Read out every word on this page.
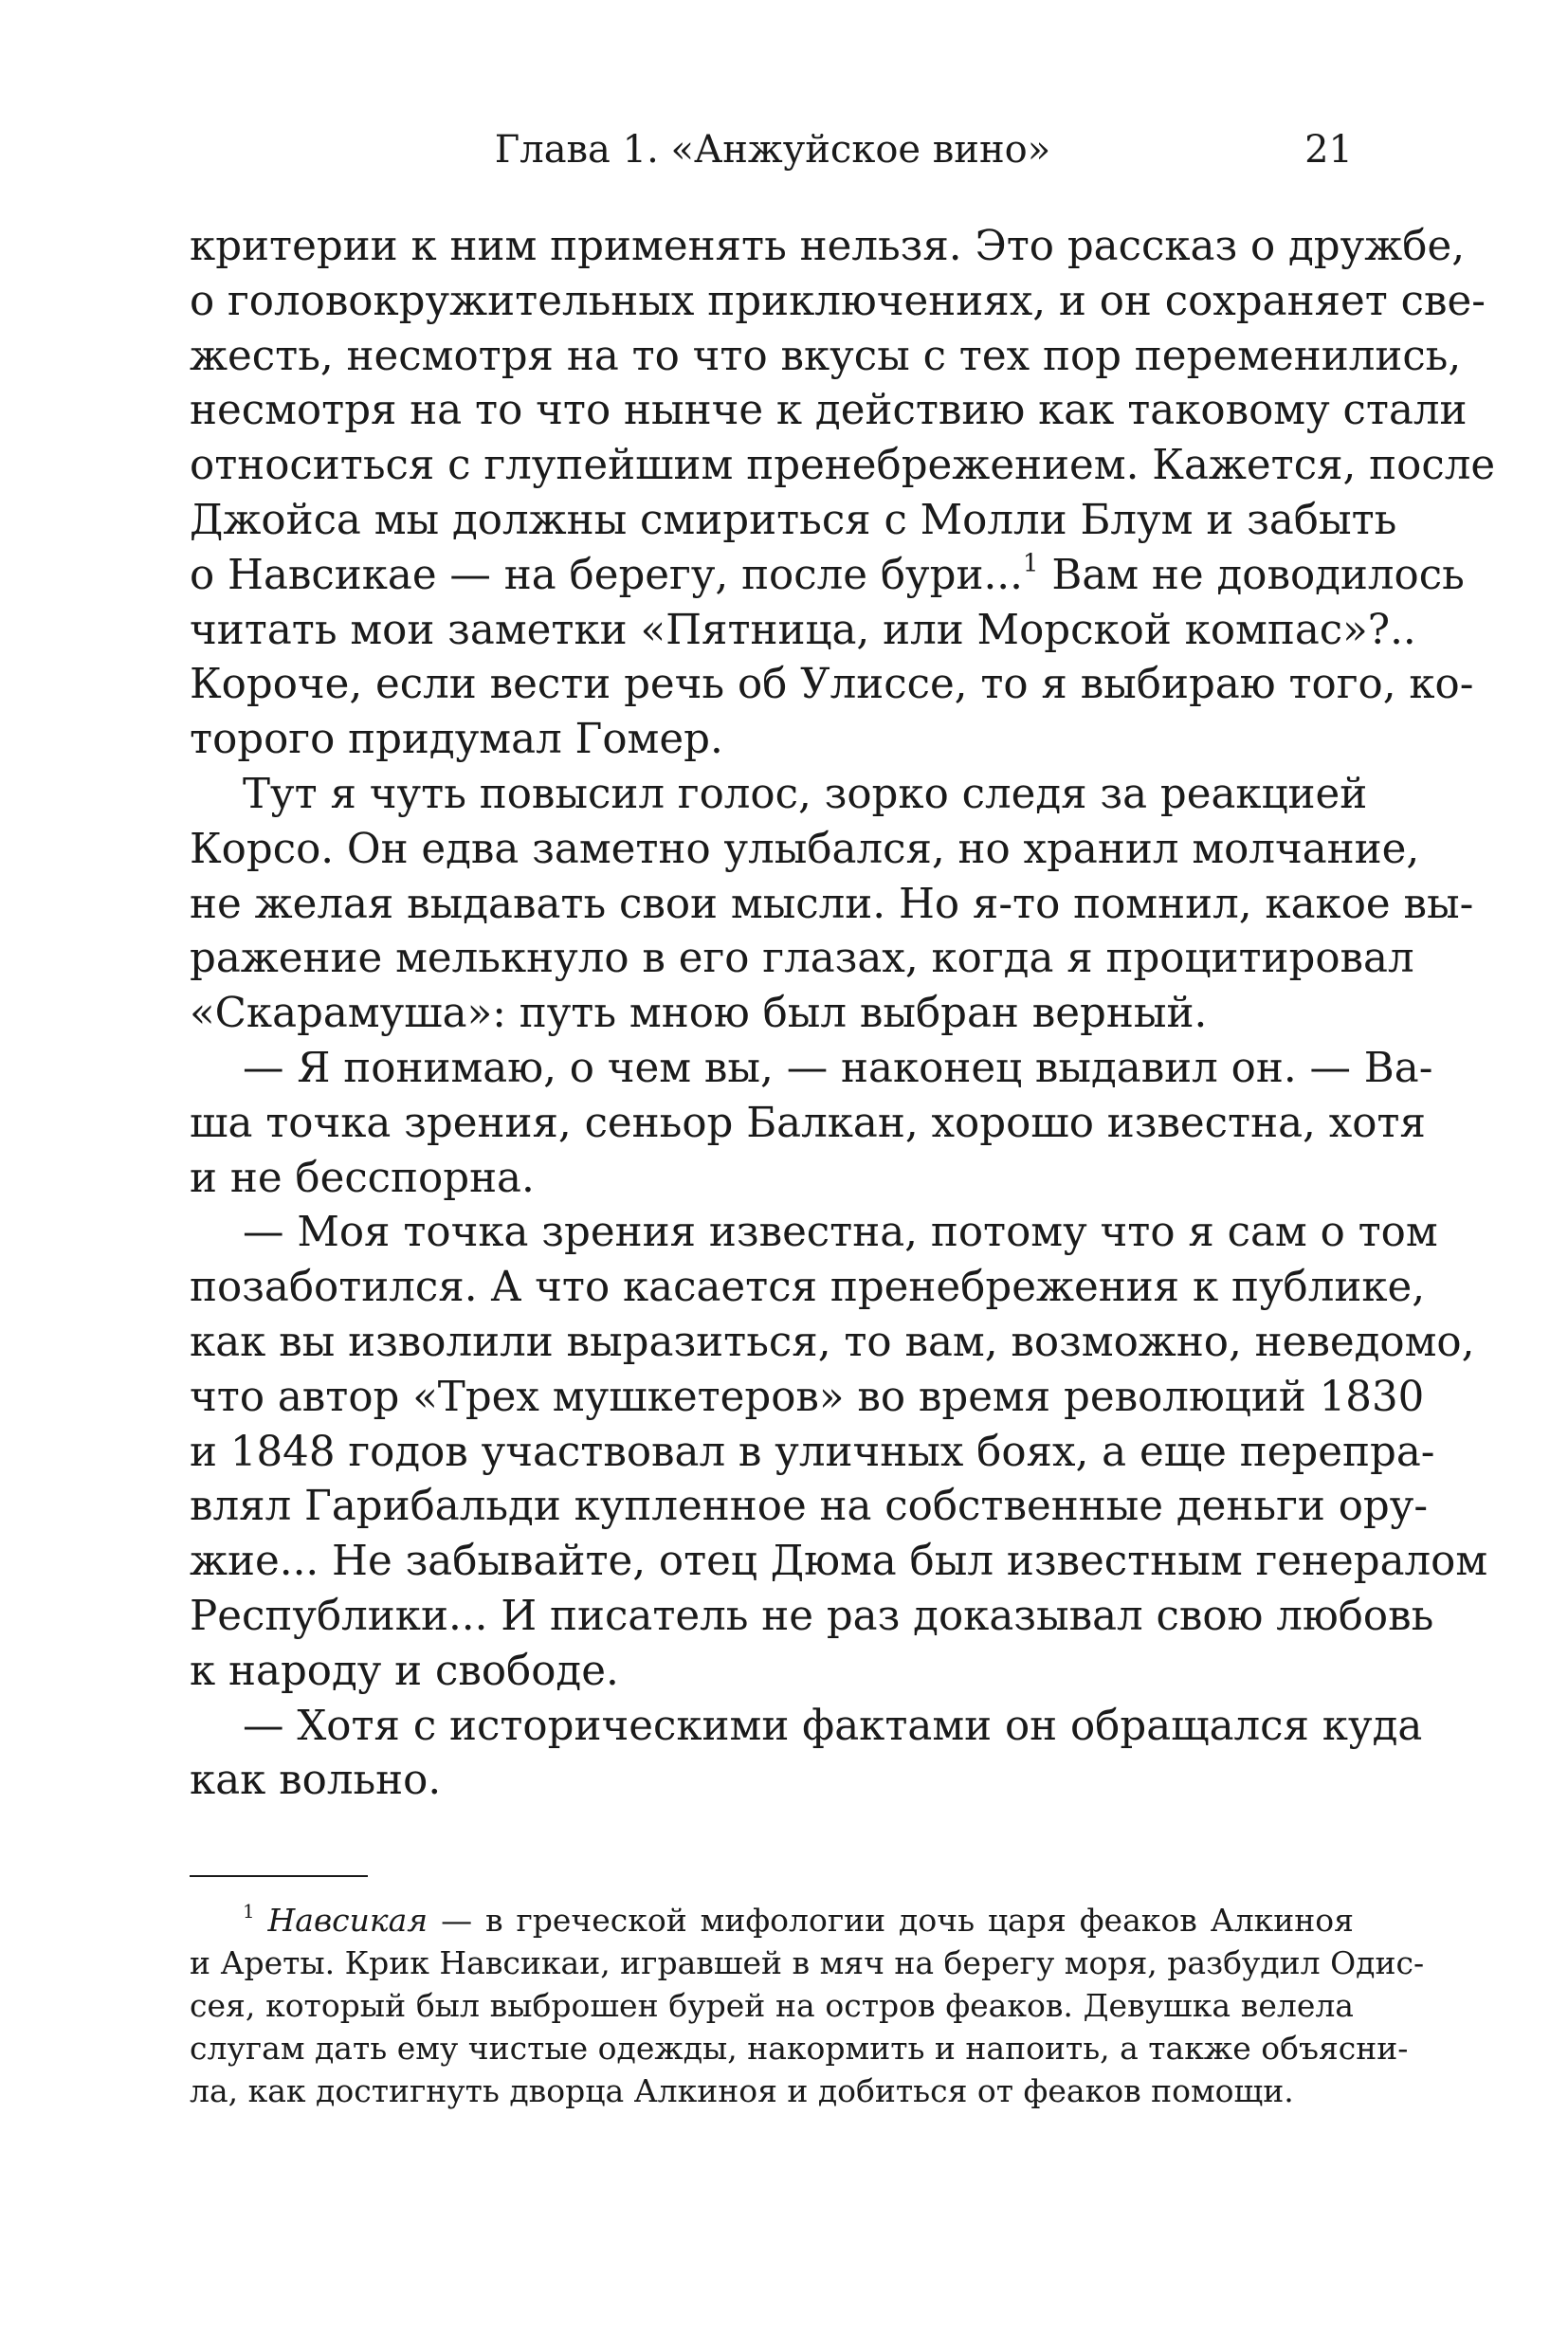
Глава 1. «Анжуйское вино»	21
критерии к ним применять нельзя. Это рассказ о дружбе,
о головокружительных приключениях, и он сохраняет све-
жесть, несмотря на то что вкусы с тех пор переменились,
несмотря на то что нынче к действию как таковому стали
относиться с глупейшим пренебрежением. Кажется, после
Джойса мы должны смириться с Молли Блум и забыть
о Навсикае — на берегу, после бури...$^1$ Вам не доводилось
читать мои заметки «Пятница, или Морской компас»?..
Короче, если вести речь об Улиссе, то я выбираю того, ко-
торого придумал Гомер.
Тут я чуть повысил голос, зорко следя за реакцией
Корсо. Он едва заметно улыбался, но хранил молчание,
не желая выдавать свои мысли. Но я-то помнил, какое вы-
ражение мелькнуло в его глазах, когда я процитировал
«Скарамуша»: путь мною был выбран верный.
— Я понимаю, о чем вы, — наконец выдавил он. — Ва-
ша точка зрения, сеньор Балкан, хорошо известна, хотя
и не бесспорна.
— Моя точка зрения известна, потому что я сам о том
позаботился. А что касается пренебрежения к публике,
как вы изволили выразиться, то вам, возможно, неведомо,
что автор «Трех мушкетеров» во время революций 1830
и 1848 годов участвовал в уличных боях, а еще перепра-
влял Гарибальди купленное на собственные деньги ору-
жие... Не забывайте, отец Дюма был известным генералом
Республики... И писатель не раз доказывал свою любовь
к народу и свободе.
— Хотя с историческими фактами он обращался куда
как вольно.
$^1$ Навсикая — в греческой мифологии дочь царя феаков Алкиноя
и Ареты. Крик Навсикаи, игравшей в мяч на берегу моря, разбудил Одис-
сея, который был выброшен бурей на остров феаков. Девушка велела
слугам дать ему чистые одежды, накормить и напоить, а также объясни-
ла, как достигнуть дворца Алкиноя и добиться от феаков помощи.
